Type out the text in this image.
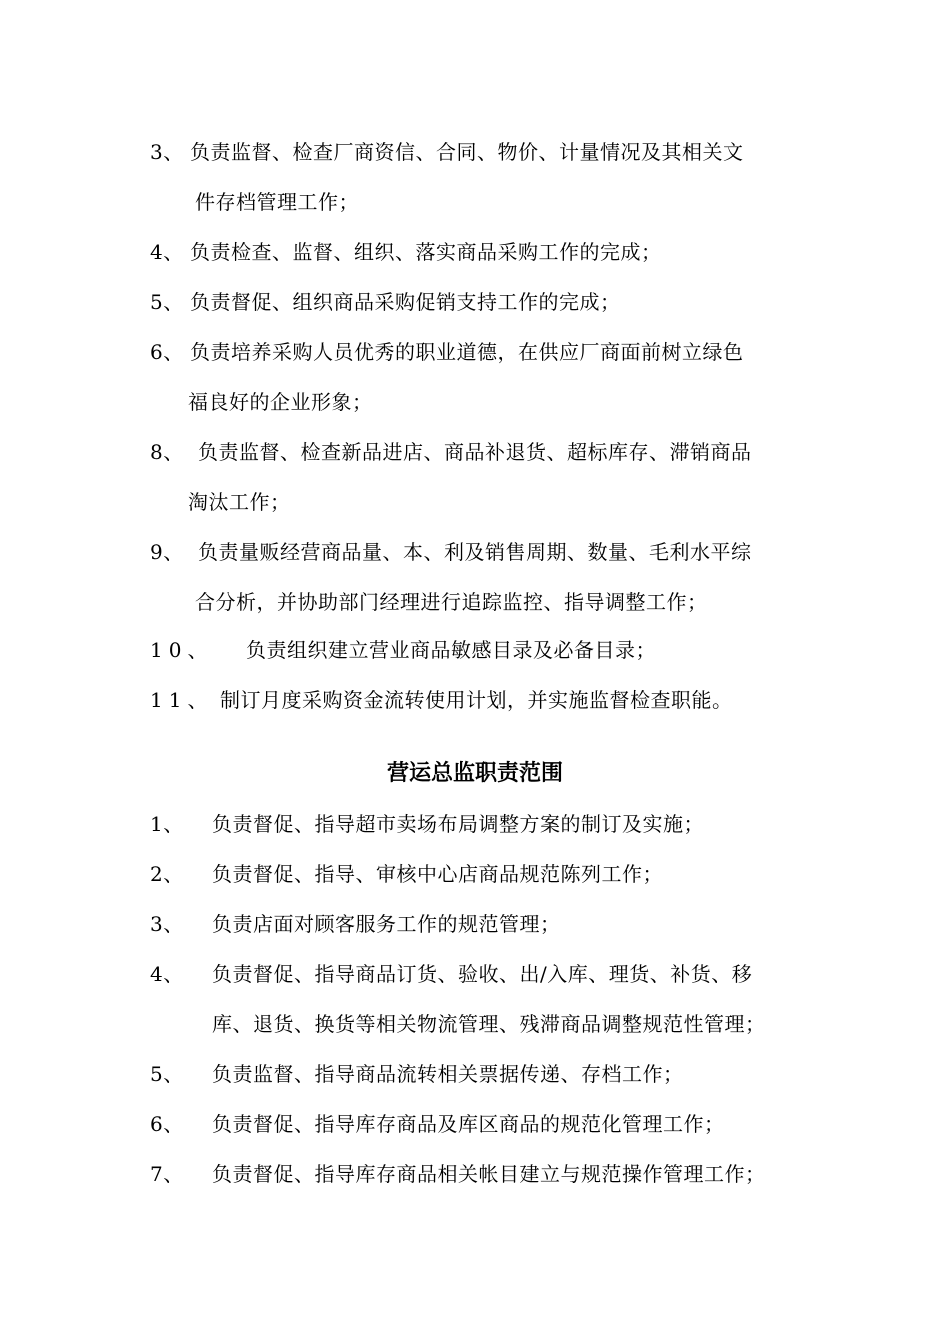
3、 负责监督、检查厂商资信、合同、物价、计量情况及其相关文
件存档管理工作；
4、 负责检查、监督、组织、落实商品采购工作的完成；
5、 负责督促、组织商品采购促销支持工作的完成；
6、 负责培养采购人员优秀的职业道德，在供应厂商面前树立绿色
福良好的企业形象；
8、 负责监督、检查新品进店、商品补退货、超标库存、滞销商品
淘汰工作；
9、 负责量贩经营商品量、本、利及销售周期、数量、毛利水平综
合分析，并协助部门经理进行追踪监控、指导调整工作；
10、 负责组织建立营业商品敏感目录及必备目录；
11、 制订月度采购资金流转使用计划，并实施监督检查职能。
营运总监职责范围
1、 负责督促、指导超市卖场布局调整方案的制订及实施；
2、 负责督促、指导、审核中心店商品规范陈列工作；
3、 负责店面对顾客服务工作的规范管理；
4、 负责督促、指导商品订货、验收、出/入库、理货、补货、移
库、退货、换货等相关物流管理、残滞商品调整规范性管理；
5、 负责监督、指导商品流转相关票据传递、存档工作；
6、 负责督促、指导库存商品及库区商品的规范化管理工作；
7、 负责督促、指导库存商品相关帐目建立与规范操作管理工作；
